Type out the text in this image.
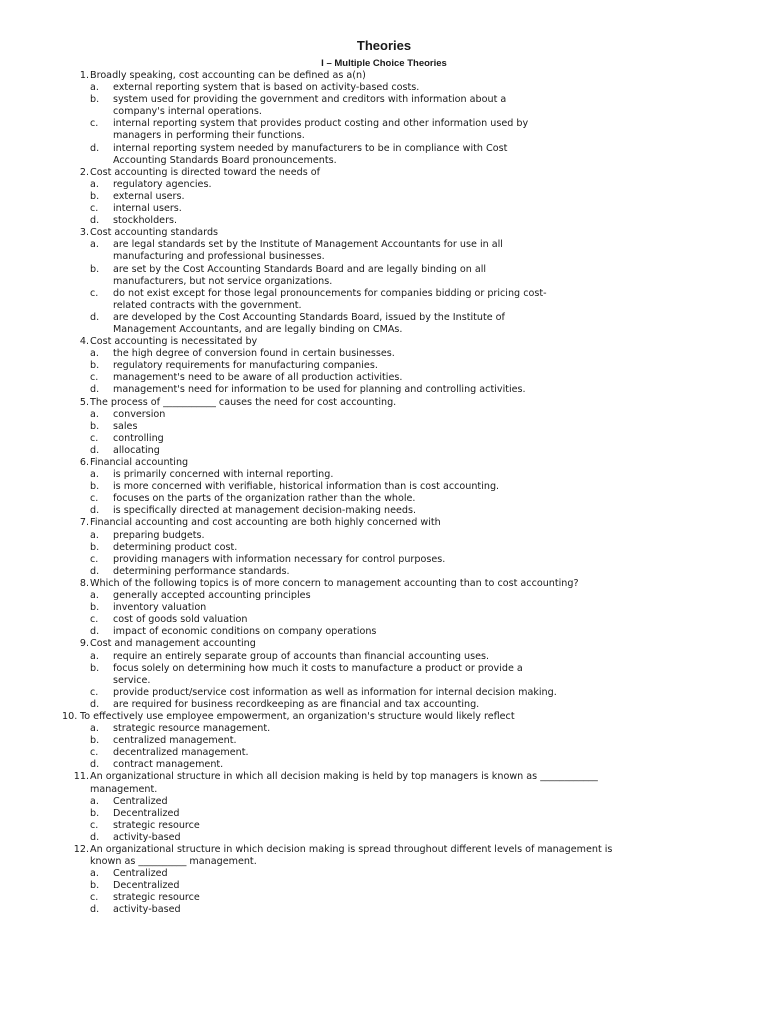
Theories
I – Multiple Choice Theories
1. Broadly speaking, cost accounting can be defined as a(n)
a. external reporting system that is based on activity-based costs.
b. system used for providing the government and creditors with information about a
company's internal operations.
c. internal reporting system that provides product costing and other information used by
managers in performing their functions.
d. internal reporting system needed by manufacturers to be in compliance with Cost
Accounting Standards Board pronouncements.
2. Cost accounting is directed toward the needs of
a. regulatory agencies.
b. external users.
c. internal users.
d. stockholders.
3. Cost accounting standards
a. are legal standards set by the Institute of Management Accountants for use in all
manufacturing and professional businesses.
b. are set by the Cost Accounting Standards Board and are legally binding on all
manufacturers, but not service organizations.
c. do not exist except for those legal pronouncements for companies bidding or pricing cost-
related contracts with the government.
d. are developed by the Cost Accounting Standards Board, issued by the Institute of
Management Accountants, and are legally binding on CMAs.
4. Cost accounting is necessitated by
a. the high degree of conversion found in certain businesses.
b. regulatory requirements for manufacturing companies.
c. management's need to be aware of all production activities.
d. management's need for information to be used for planning and controlling activities.
5. The process of ___________ causes the need for cost accounting.
a. conversion
b. sales
c. controlling
d. allocating
6. Financial accounting
a. is primarily concerned with internal reporting.
b. is more concerned with verifiable, historical information than is cost accounting.
c. focuses on the parts of the organization rather than the whole.
d. is specifically directed at management decision-making needs.
7. Financial accounting and cost accounting are both highly concerned with
a. preparing budgets.
b. determining product cost.
c. providing managers with information necessary for control purposes.
d. determining performance standards.
8. Which of the following topics is of more concern to management accounting than to cost accounting?
a. generally accepted accounting principles
b. inventory valuation
c. cost of goods sold valuation
d. impact of economic conditions on company operations
9. Cost and management accounting
a. require an entirely separate group of accounts than financial accounting uses.
b. focus solely on determining how much it costs to manufacture a product or provide a
service.
c. provide product/service cost information as well as information for internal decision making.
d. are required for business recordkeeping as are financial and tax accounting.
10. To effectively use employee empowerment, an organization's structure would likely reflect
a. strategic resource management.
b. centralized management.
c. decentralized management.
d. contract management.
11. An organizational structure in which all decision making is held by top managers is known as ____________
management.
a. Centralized
b. Decentralized
c. strategic resource
d. activity-based
12. An organizational structure in which decision making is spread throughout different levels of management is
known as __________ management.
a. Centralized
b. Decentralized
c. strategic resource
d. activity-based
